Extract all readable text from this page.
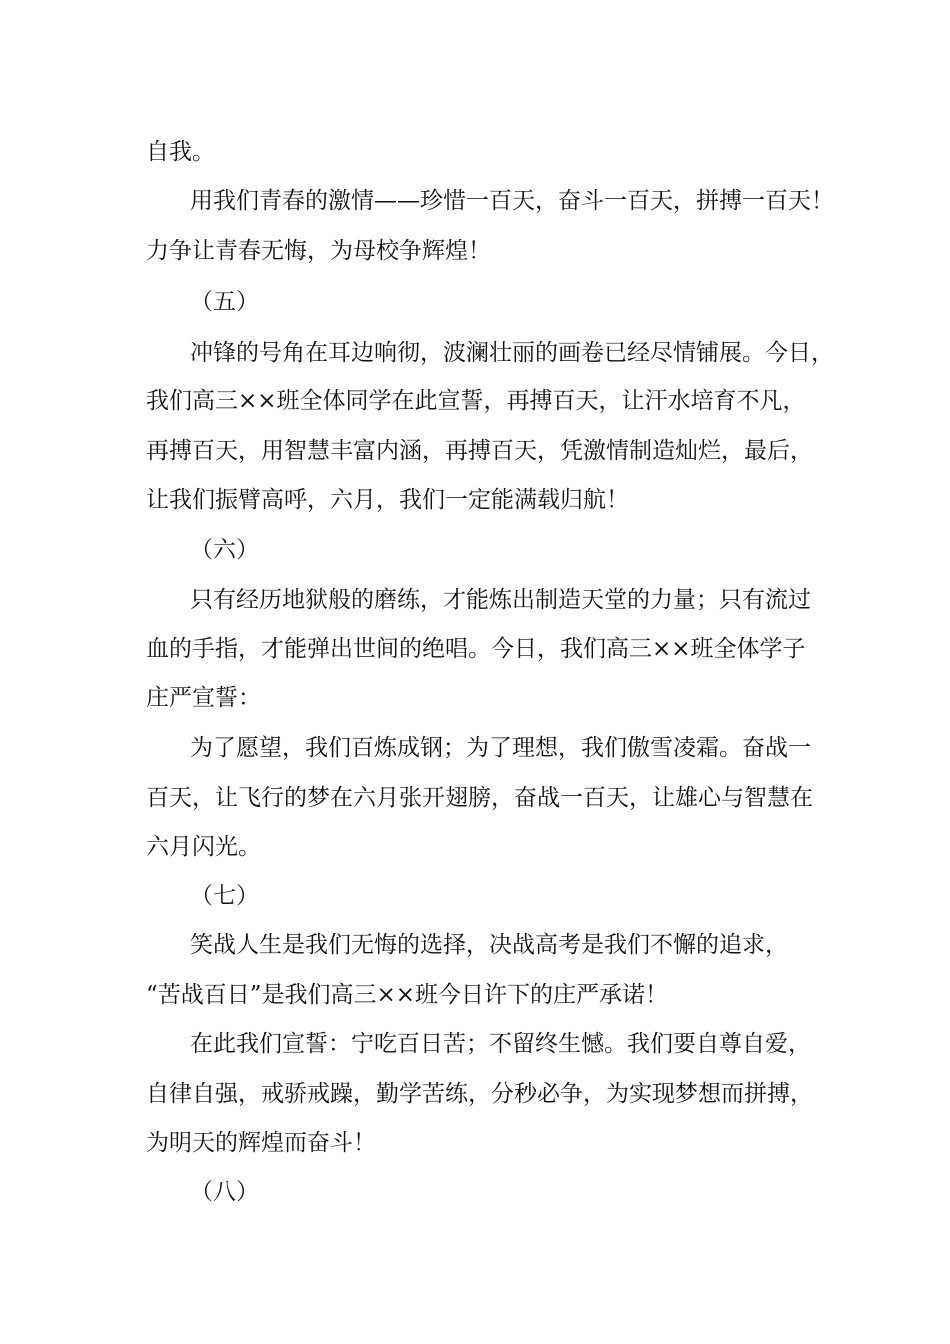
自我。

用我们青春的激情——珍惜一百天，奋斗一百天，拼搏一百天！

力争让青春无悔，为母校争辉煌！

（五）

冲锋的号角在耳边响彻，波澜壮丽的画卷已经尽情铺展。今日，

我们高三××班全体同学在此宣誓，再搏百天，让汗水培育不凡，

再搏百天，用智慧丰富内涵，再搏百天，凭激情制造灿烂，最后，

让我们振臂高呼，六月，我们一定能满载归航！

（六）

只有经历地狱般的磨练，才能炼出制造天堂的力量；只有流过

血的手指，才能弹出世间的绝唱。今日，我们高三××班全体学子

庄严宣誓：

为了愿望，我们百炼成钢；为了理想，我们傲雪凌霜。奋战一

百天，让飞行的梦在六月张开翅膀，奋战一百天，让雄心与智慧在

六月闪光。

（七）

笑战人生是我们无悔的选择，决战高考是我们不懈的追求，

“苦战百日”是我们高三××班今日许下的庄严承诺！

在此我们宣誓：宁吃百日苦；不留终生憾。我们要自尊自爱，

自律自强，戒骄戒躁，勤学苦练，分秒必争，为实现梦想而拼搏，

为明天的辉煌而奋斗！

（八）
